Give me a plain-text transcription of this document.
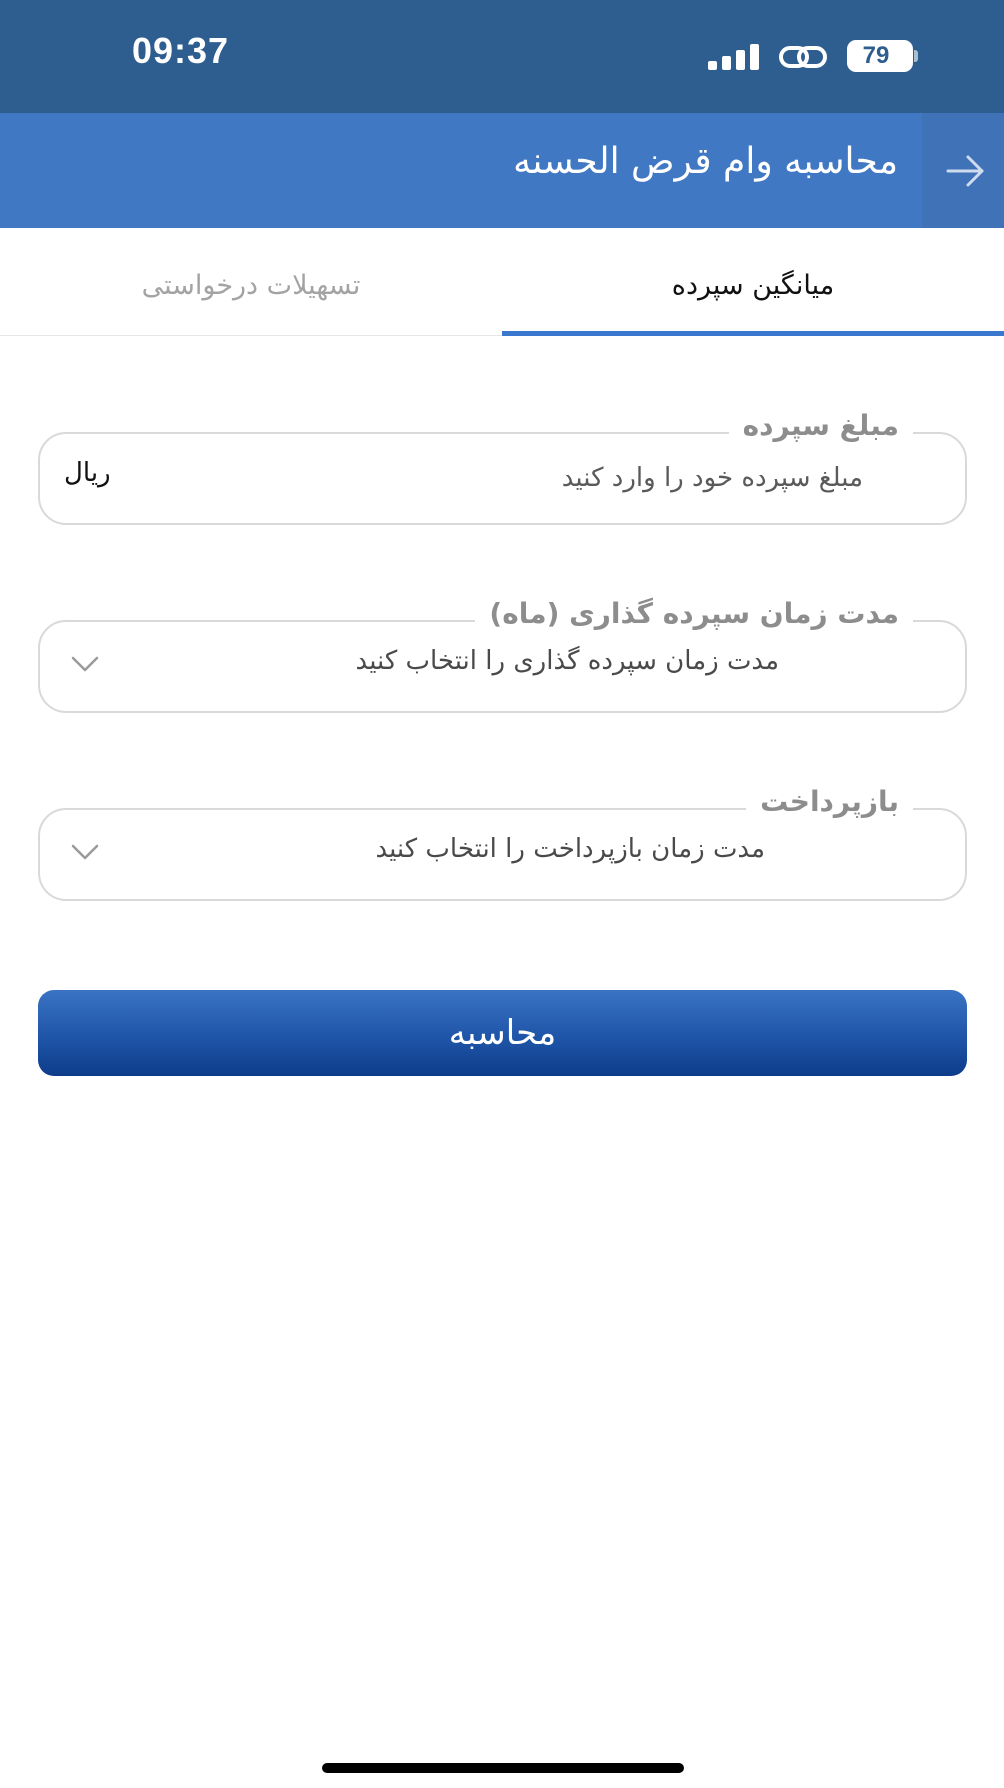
09:37	79
محاسبه وام قرض الحسنه
میانگین سپرده
تسهیلات درخواستی
مبلغ سپرده
مبلغ سپرده خود را وارد کنید
ریال
مدت زمان سپرده گذاری (ماه)
مدت زمان سپرده گذاری را انتخاب کنید
بازپرداخت
مدت زمان بازپرداخت را انتخاب کنید
محاسبه
